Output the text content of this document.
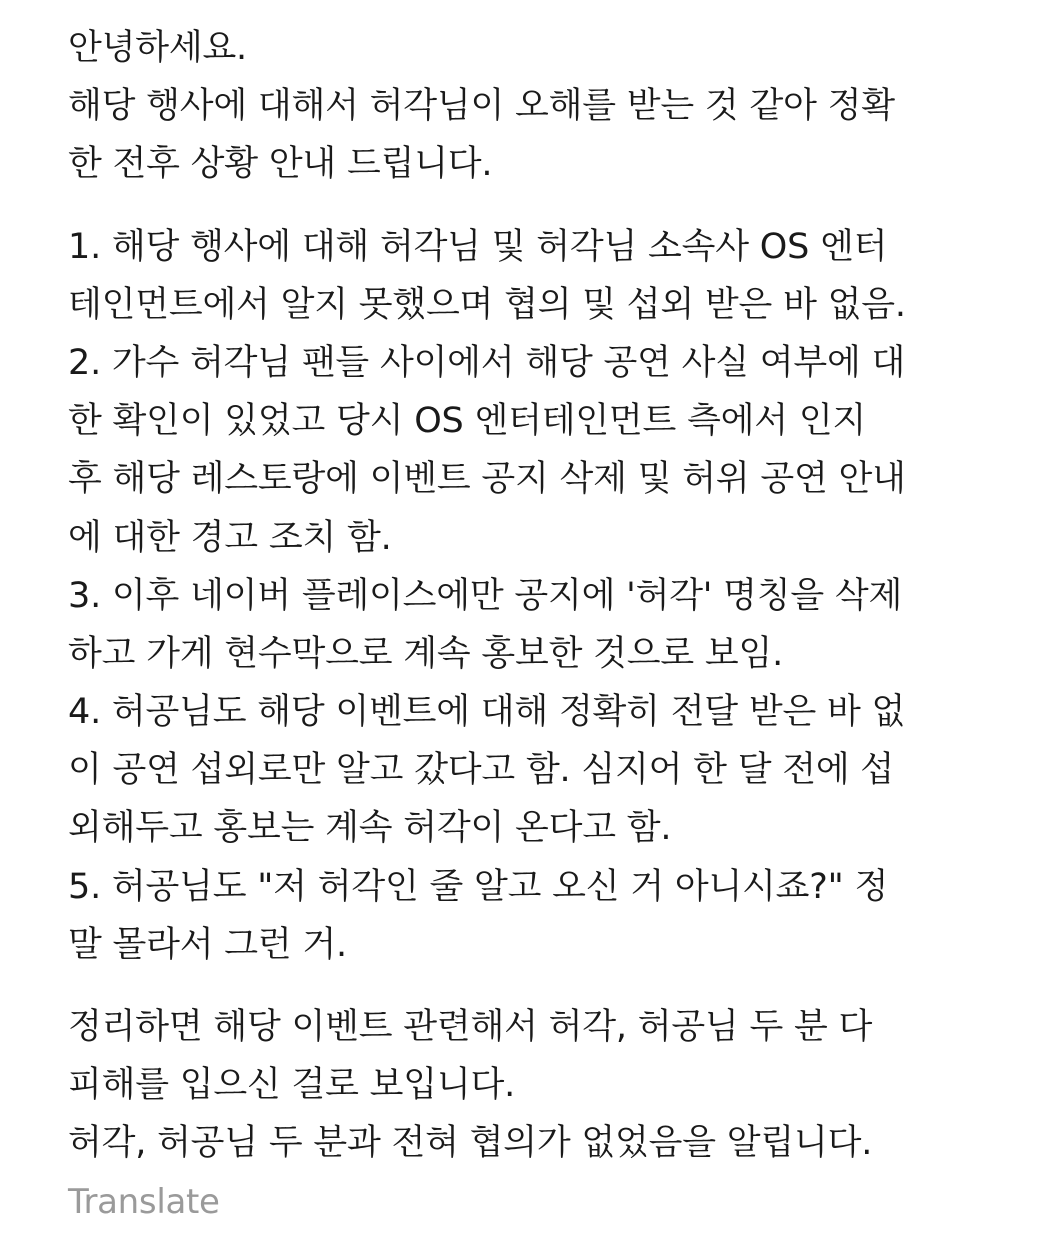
안녕하세요.
해당 행사에 대해서 허각님이 오해를 받는 것 같아 정확
한 전후 상황 안내 드립니다.
1. 해당 행사에 대해 허각님 및 허각님 소속사 OS 엔터
테인먼트에서 알지 못했으며 협의 및 섭외 받은 바 없음.
2. 가수 허각님 팬들 사이에서 해당 공연 사실 여부에 대
한 확인이 있었고 당시 OS 엔터테인먼트 측에서 인지
후 해당 레스토랑에 이벤트 공지 삭제 및 허위 공연 안내
에 대한 경고 조치 함.
3. 이후 네이버 플레이스에만 공지에 '허각' 명칭을 삭제
하고 가게 현수막으로 계속 홍보한 것으로 보임.
4. 허공님도 해당 이벤트에 대해 정확히 전달 받은 바 없
이 공연 섭외로만 알고 갔다고 함. 심지어 한 달 전에 섭
외해두고 홍보는 계속 허각이 온다고 함.
5. 허공님도 "저 허각인 줄 알고 오신 거 아니시죠?" 정
말 몰라서 그런 거.
정리하면 해당 이벤트 관련해서 허각, 허공님 두 분 다
피해를 입으신 걸로 보입니다.
허각, 허공님 두 분과 전혀 협의가 없었음을 알립니다.
Translate
